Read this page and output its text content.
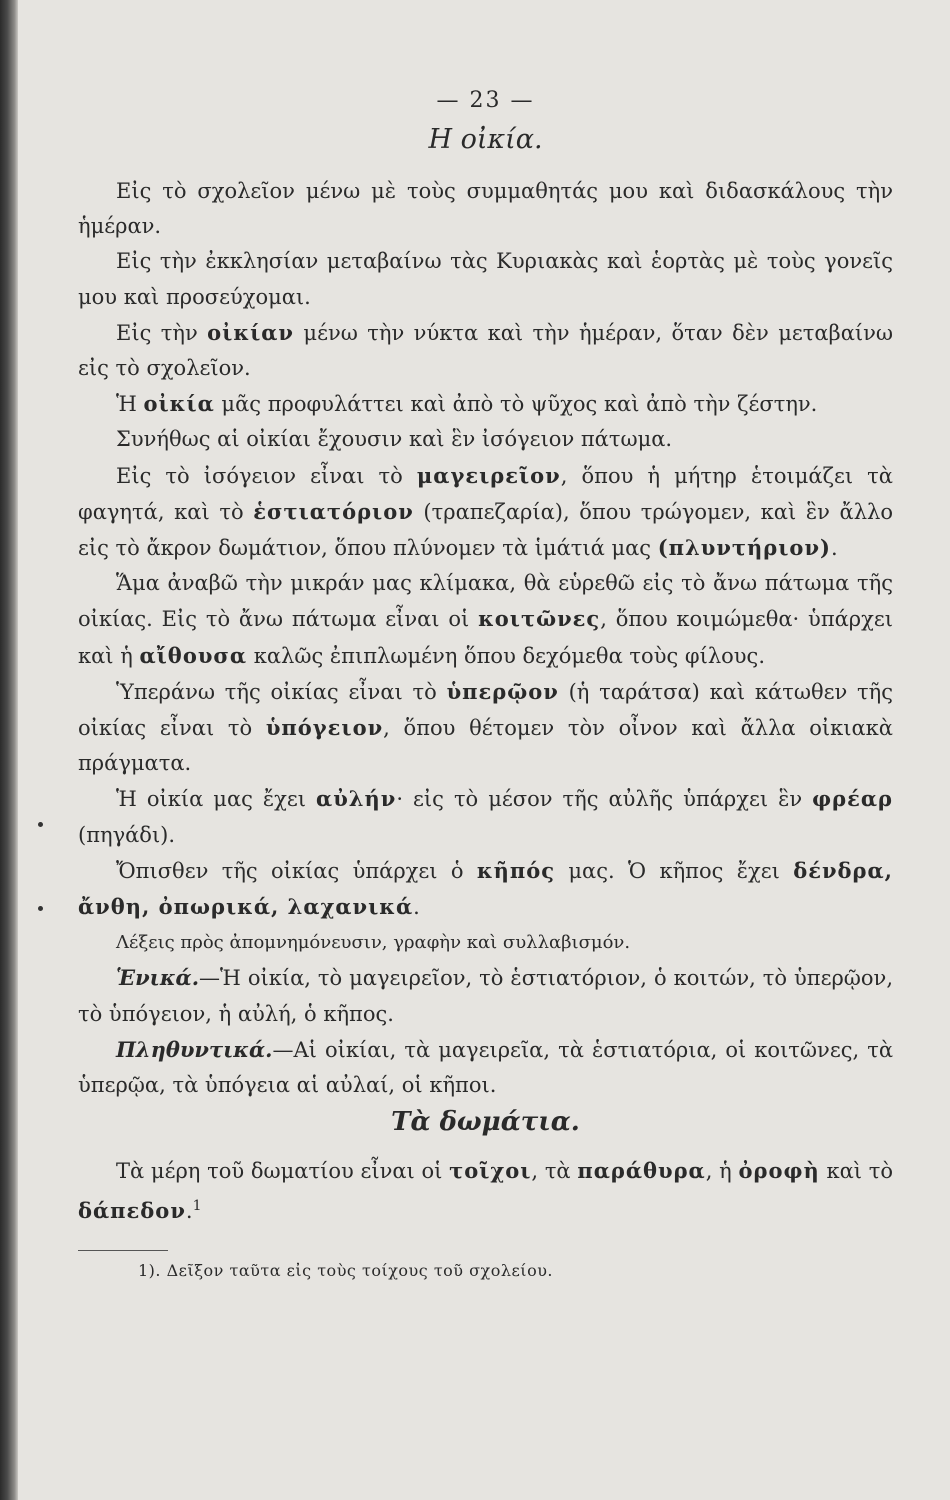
— 23 —
Η οἰκία.

Εἰς τὸ σχολεῖον μένω μὲ τοὺς συμμαθητάς μου καὶ διδασκάλους τὴν ἡμέραν.

Εἰς τὴν ἐκκλησίαν μεταβαίνω τὰς Κυριακὰς καὶ ἑορτὰς μὲ τοὺς γονεῖς μου καὶ προσεύχομαι.

Εἰς τὴν οἰκίαν μένω τὴν νύκτα καὶ τὴν ἡμέραν, ὅταν δὲν μεταβαίνω εἰς τὸ σχολεῖον.

Ἡ οἰκία μᾶς προφυλάττει καὶ ἀπὸ τὸ ψῦχος καὶ ἀπὸ τὴν ζέστην.

Συνήθως αἱ οἰκίαι ἔχουσιν καὶ ἓν ἰσόγειον πάτωμα.

Εἰς τὸ ἰσόγειον εἶναι τὸ μαγειρεῖον, ὅπου ἡ μήτηρ ἑτοιμάζει τὰ φαγητά, καὶ τὸ ἑστιατόριον (τραπεζαρία), ὅπου τρώγομεν, καὶ ἓν ἄλλο εἰς τὸ ἄκρον δωμάτιον, ὅπου πλύνομεν τὰ ἱμάτιά μας (πλυντήριον).

Ἅμα ἀναβῶ τὴν μικράν μας κλίμακα, θὰ εὑρεθῶ εἰς τὸ ἄνω πάτωμα τῆς οἰκίας. Εἰς τὸ ἄνω πάτωμα εἶναι οἱ κοιτῶνες, ὅπου κοιμώμεθα· ὑπάρχει καὶ ἡ αἴθουσα καλῶς ἐπιπλωμένη ὅπου δεχόμεθα τοὺς φίλους.

Ὑπεράνω τῆς οἰκίας εἶναι τὸ ὑπερῷον (ἡ ταράτσα) καὶ κάτωθεν τῆς οἰκίας εἶναι τὸ ὑπόγειον, ὅπου θέτομεν τὸν οἶνον καὶ ἄλλα οἰκιακὰ πράγματα.

Ἡ οἰκία μας ἔχει αὐλήν· εἰς τὸ μέσον τῆς αὐλῆς ὑπάρχει ἓν φρέαρ (πηγάδι).

Ὄπισθεν τῆς οἰκίας ὑπάρχει ὁ κῆπός μας. Ὁ κῆπος ἔχει δένδρα, ἄνθη, ὀπωρικά, λαχανικά.

Λέξεις πρὸς ἀπομνημόνευσιν, γραφὴν καὶ συλλαβισμόν.

Ἑνικά.—Ἡ οἰκία, τὸ μαγειρεῖον, τὸ ἑστιατόριον, ὁ κοιτών, τὸ ὑπερῷον, τὸ ὑπόγειον, ἡ αὐλή, ὁ κῆπος.

Πληθυντικά.—Αἱ οἰκίαι, τὰ μαγειρεῖα, τὰ ἑστιατόρια, οἱ κοιτῶνες, τὰ ὑπερῷα, τὰ ὑπόγεια αἱ αὐλαί, οἱ κῆποι.

Τὰ δωμάτια.

Τὰ μέρη τοῦ δωματίου εἶναι οἱ τοῖχοι, τὰ παράθυρα, ἡ ὀροφὴ καὶ τὸ δάπεδον.$^1$

1). Δεῖξον ταῦτα εἰς τοὺς τοίχους τοῦ σχολείου.
